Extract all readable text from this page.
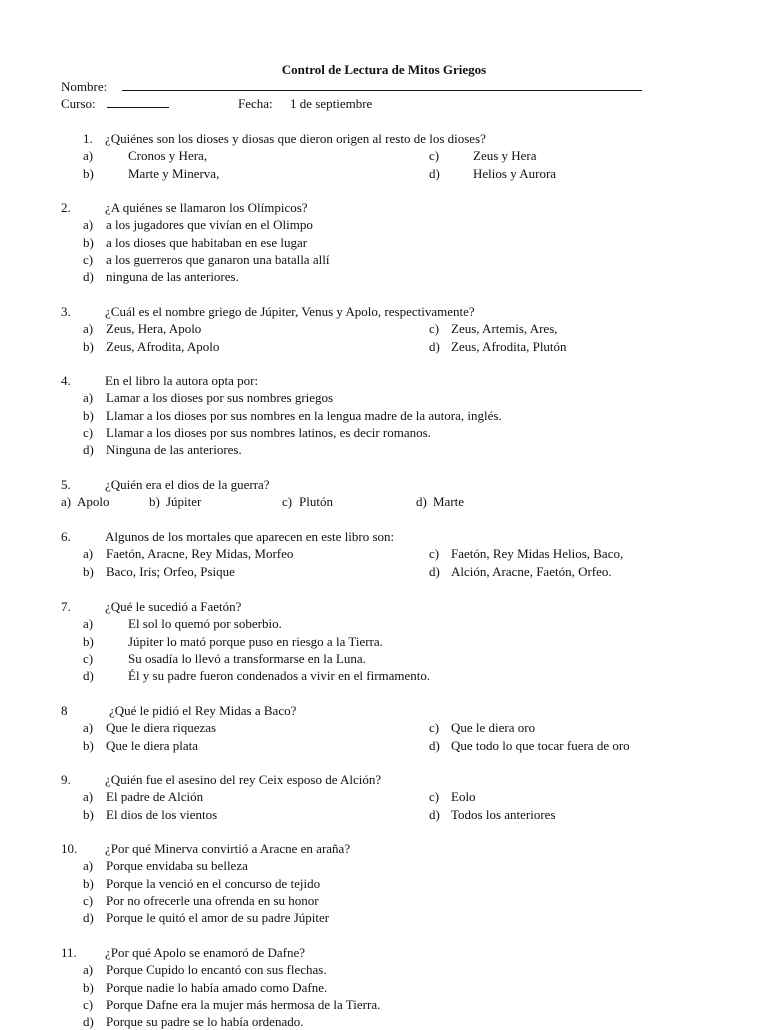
Control de Lectura de Mitos Griegos
Nombre:
Curso:	Fecha: 1 de septiembre
1. ¿Quiénes son los dioses y diosas que dieron origen al resto de los dioses?
a)	Cronos y Hera,	c)	Zeus y Hera
b)	Marte y Minerva,	d)	Helios y Aurora
2.	¿A quiénes se llamaron los Olímpicos?
a) a los jugadores que vivían en el Olimpo
b) a los dioses que habitaban en ese lugar
c) a los guerreros que ganaron una batalla allí
d) ninguna de las anteriores.
3.	¿Cuál es el nombre griego de Júpiter, Venus y Apolo, respectivamente?
a) Zeus, Hera, Apolo	c) Zeus, Artemis, Ares,
b) Zeus, Afrodita, Apolo	d) Zeus, Afrodita, Plutón
4.	En el libro la autora opta por:
a) Lamar a los dioses por sus nombres griegos
b) Llamar a los dioses por sus nombres en la lengua madre de la autora, inglés.
c) Llamar a los dioses por sus nombres latinos, es decir romanos.
d) Ninguna de las anteriores.
5.	¿Quién era el dios de la guerra?
a) Apolo	b) Júpiter	c) Plutón	d) Marte
6.	Algunos de los mortales que aparecen en este libro son:
a) Faetón, Aracne, Rey Midas, Morfeo	c) Faetón, Rey Midas Helios, Baco,
b) Baco, Iris; Orfeo, Psique	d) Alción, Aracne, Faetón, Orfeo.
7.	¿Qué le sucedió a Faetón?
a)	El sol lo quemó por soberbio.
b)	Júpiter lo mató porque puso en riesgo a la Tierra.
c)	Su osadía lo llevó a transformarse en la Luna.
d)	Él y su padre fueron condenados a vivir en el firmamento.
8	¿Qué le pidió el Rey Midas a Baco?
a) Que le diera riquezas	c) Que le diera oro
b) Que le diera plata	d) Que todo lo que tocar fuera de oro
9.	¿Quién fue el asesino del rey Ceix esposo de Alción?
a) El padre de Alción	c) Eolo
b) El dios de los vientos	d) Todos los anteriores
10. ¿Por qué Minerva convirtió a Aracne en araña?
a) Porque envidaba su belleza
b) Porque la venció en el concurso de tejido
c) Por no ofrecerle una ofrenda en su honor
d) Porque le quitó el amor de su padre Júpiter
11. ¿Por qué Apolo se enamoró de Dafne?
a) Porque Cupido lo encantó con sus flechas.
b) Porque nadie lo había amado como Dafne.
c) Porque Dafne era la mujer más hermosa de la Tierra.
d) Porque su padre se lo había ordenado.
